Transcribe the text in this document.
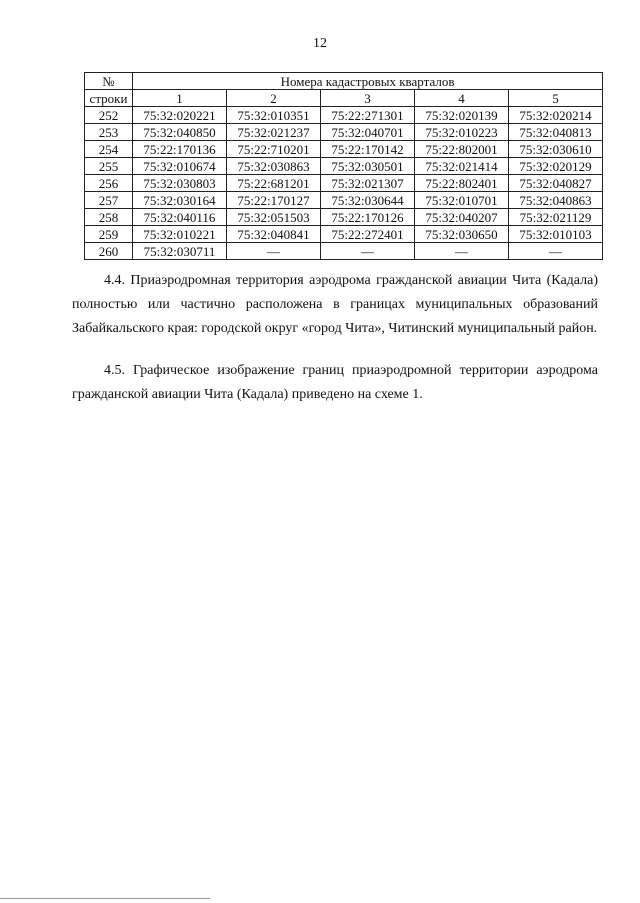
12
№	Номера кадастровых кварталов				
строки	1	2	3	4	5
252	75:32:020221	75:32:010351	75:22:271301	75:32:020139	75:32:020214
253	75:32:040850	75:32:021237	75:32:040701	75:32:010223	75:32:040813
254	75:22:170136	75:22:710201	75:22:170142	75:22:802001	75:32:030610
255	75:32:010674	75:32:030863	75:32:030501	75:32:021414	75:32:020129
256	75:32:030803	75:22:681201	75:32:021307	75:22:802401	75:32:040827
257	75:32:030164	75:22:170127	75:32:030644	75:32:010701	75:32:040863
258	75:32:040116	75:32:051503	75:22:170126	75:32:040207	75:32:021129
259	75:32:010221	75:32:040841	75:22:272401	75:32:030650	75:32:010103
260	75:32:030711	—	—	—	—

4.4. Приаэродромная территория аэродрома гражданской авиации Чита (Кадала) полностью или частично расположена в границах муниципальных образований Забайкальского края: городской округ «город Чита», Читинский муниципальный район.

4.5. Графическое изображение границ приаэродромной территории аэродрома гражданской авиации Чита (Кадала) приведено на схеме 1.
